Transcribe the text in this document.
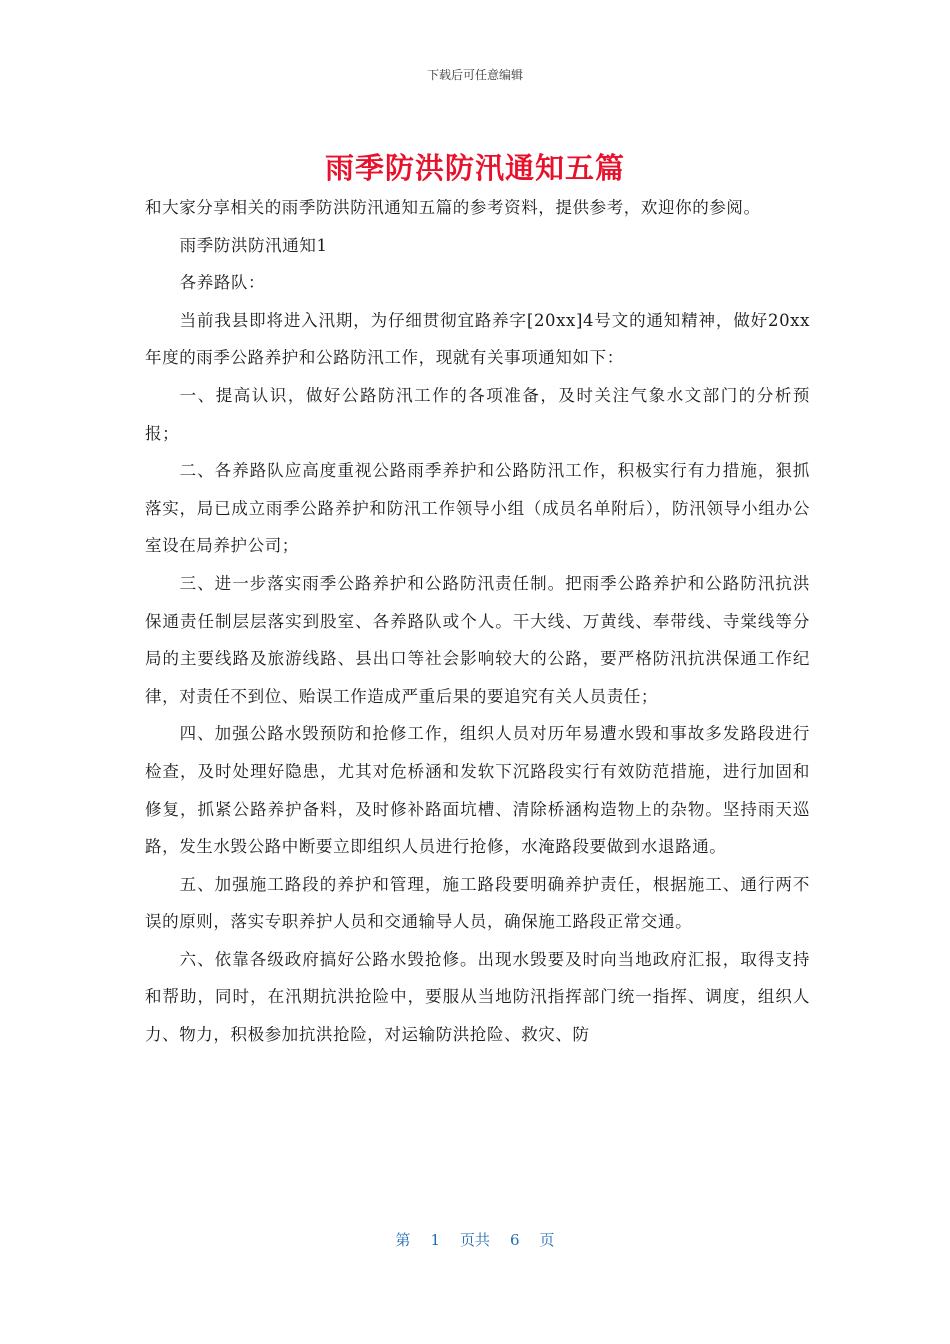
下载后可任意编辑
雨季防洪防汛通知五篇

和大家分享相关的雨季防洪防汛通知五篇的参考资料，提供参考，欢迎你的参阅。

雨季防洪防汛通知1

各养路队：

当前我县即将进入汛期，为仔细贯彻宜路养字[20xx]4号文的通知精神，做好20xx年度的雨季公路养护和公路防汛工作，现就有关事项通知如下：

一、提高认识，做好公路防汛工作的各项准备，及时关注气象水文部门的分析预报；

二、各养路队应高度重视公路雨季养护和公路防汛工作，积极实行有力措施，狠抓落实，局已成立雨季公路养护和防汛工作领导小组（成员名单附后），防汛领导小组办公室设在局养护公司；

三、进一步落实雨季公路养护和公路防汛责任制。把雨季公路养护和公路防汛抗洪保通责任制层层落实到股室、各养路队或个人。干大线、万黄线、奉带线、寺棠线等分局的主要线路及旅游线路、县出口等社会影响较大的公路，要严格防汛抗洪保通工作纪律，对责任不到位、贻误工作造成严重后果的要追究有关人员责任；

四、加强公路水毁预防和抢修工作，组织人员对历年易遭水毁和事故多发路段进行检查，及时处理好隐患，尤其对危桥涵和发软下沉路段实行有效防范措施，进行加固和修复，抓紧公路养护备料，及时修补路面坑槽、清除桥涵构造物上的杂物。坚持雨天巡路，发生水毁公路中断要立即组织人员进行抢修，水淹路段要做到水退路通。

五、加强施工路段的养护和管理，施工路段要明确养护责任，根据施工、通行两不误的原则，落实专职养护人员和交通输导人员，确保施工路段正常交通。

六、依靠各级政府搞好公路水毁抢修。出现水毁要及时向当地政府汇报，取得支持和帮助，同时，在汛期抗洪抢险中，要服从当地防汛指挥部门统一指挥、调度，组织人力、物力，积极参加抗洪抢险，对运输防洪抢险、救灾、防

第 1 页共 6 页
